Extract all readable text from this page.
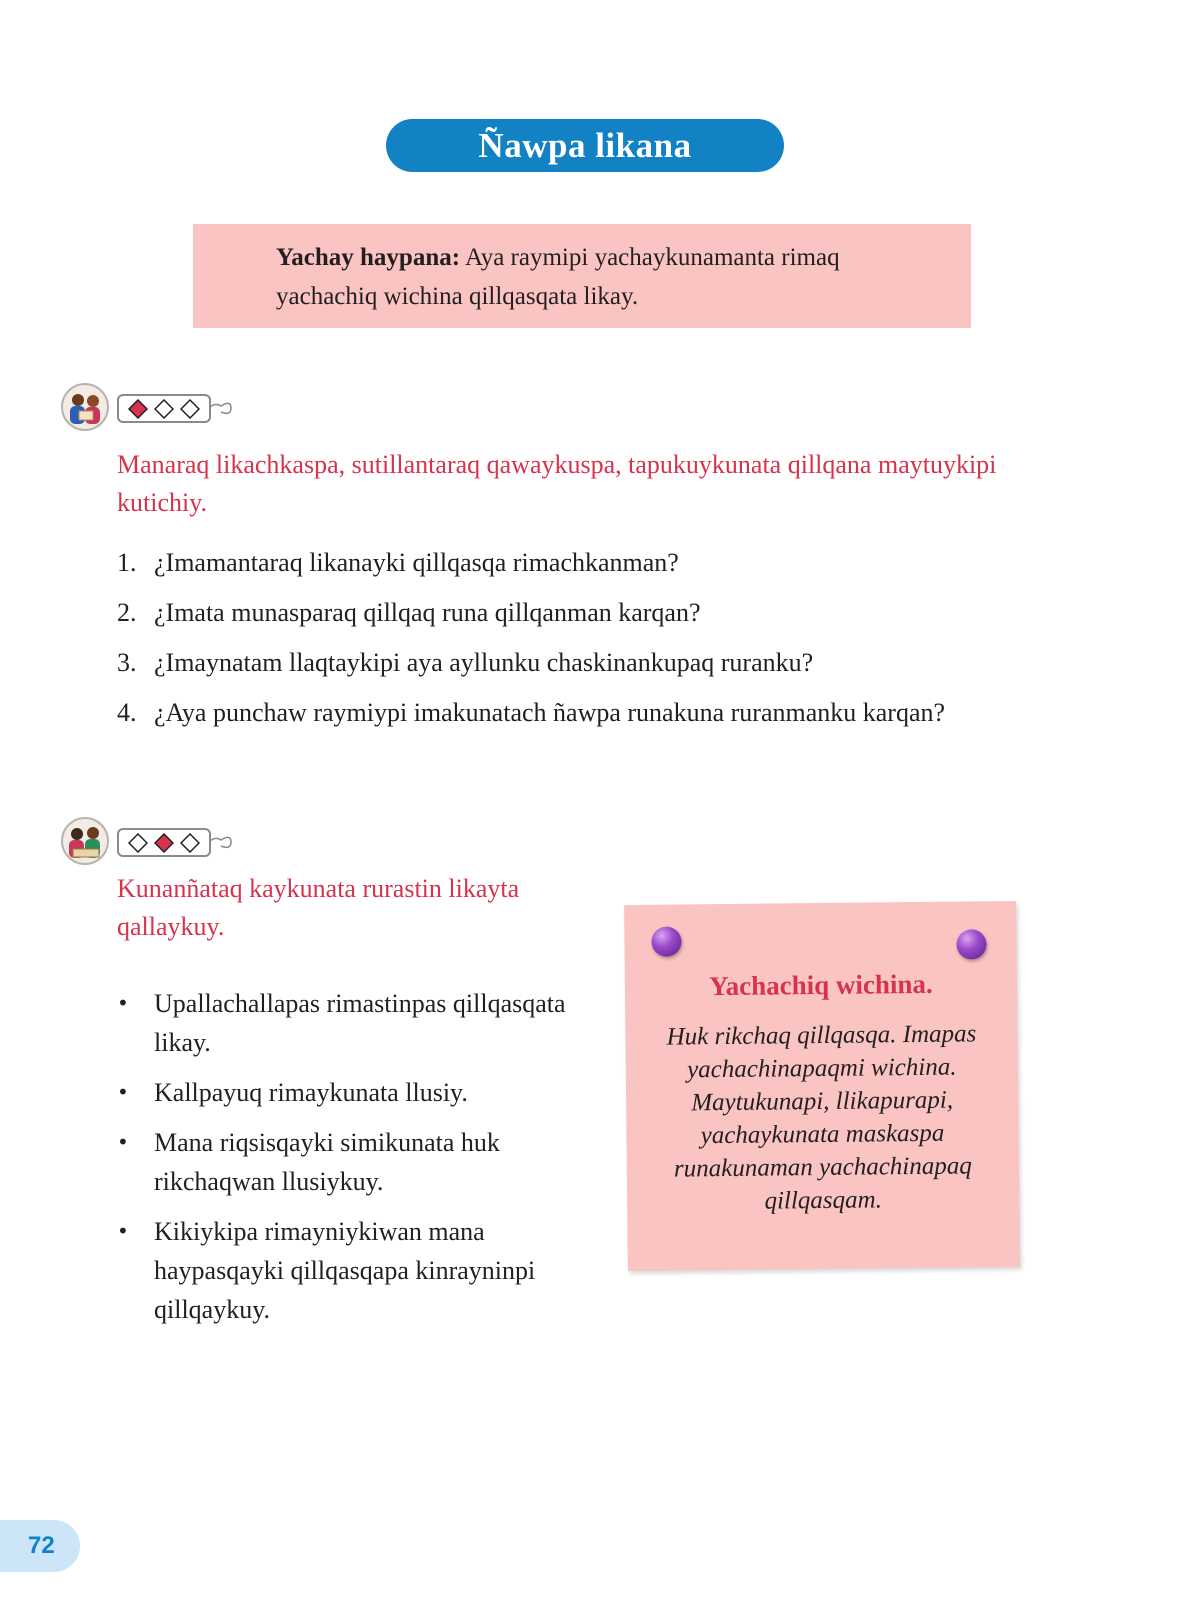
Ñawpa likana
Yachay haypana: Aya raymipi yachaykunamanta rimaq yachachiq wichina qillqasqata likay.
Manaraq likachkaspa, sutillantaraq qawaykuspa, tapukuykunata qillqana maytuykipi kutichiy.
1. ¿Imamantaraq likanayki qillqasqa rimachkanman?
2. ¿Imata munasparaq qillqaq runa qillqanman karqan?
3. ¿Imaynatam llaqtaykipi aya ayllunku chaskinankupaq ruranku?
4. ¿Aya punchaw raymiypi imakunatach ñawpa runakuna ruranmanku karqan?
Kunanñataq kaykunata rurastin likayta qallaykuy.
• Upallachallapas rimastinpas qillqasqata likay.
• Kallpayuq rimaykunata llusiy.
• Mana riqsisqayki simikunata huk rikchaqwan llusiykuy.
• Kikiykipa rimayniykiwan mana haypasqayki qillqasqapa kinrayninpi qillqaykuy.
Yachachiq wichina.
Huk rikchaq qillqasqa. Imapas yachachinapaqmi wichina. Maytukunapi, llikapurapi, yachaykunata maskaspa runakunaman yachachinapaq qillqasqam.
72
